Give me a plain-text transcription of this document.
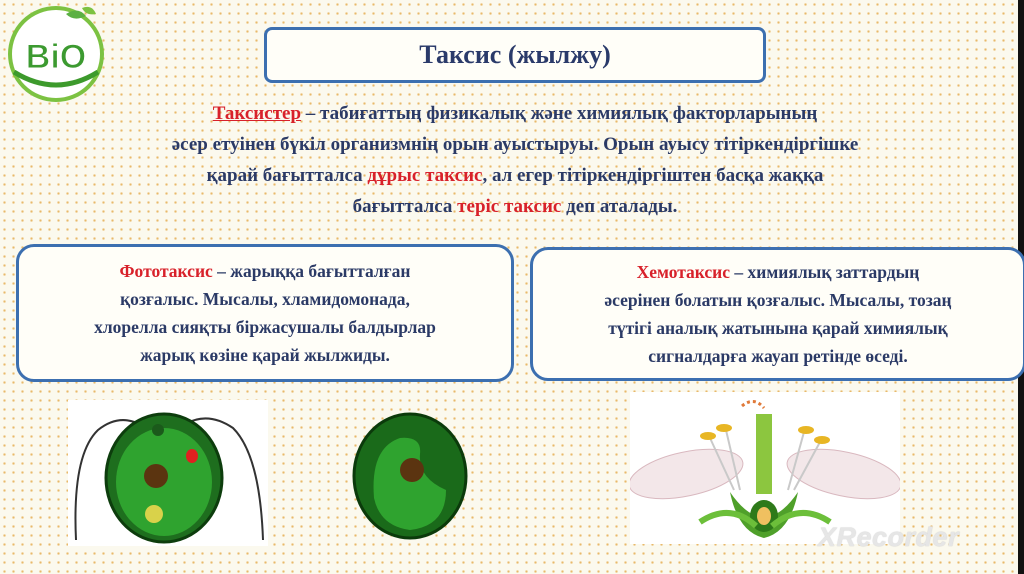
BiO	Таксис (жылжу)
Таксистер – табиғаттың физикалық және химиялық факторларының
әсер етуінен бүкіл организмнің орын ауыстыруы. Орын ауысу тітіркендіргішке
қарай бағытталса дұрыс таксис, ал егер тітіркендіргіштен басқа жаққа
бағытталса теріс таксис деп аталады.
Фототаксис – жарыққа бағытталған
қозғалыс. Мысалы, хламидомонада,
хлорелла сияқты біржасушалы балдырлар
жарық көзіне қарай жылжиды.
Хемотаксис – химиялық заттардың
әсерінен болатын қозғалыс. Мысалы, тозаң
түтігі аналық жатынына қарай химиялық
сигналдарға жауап ретінде өседі.
XRecorder
